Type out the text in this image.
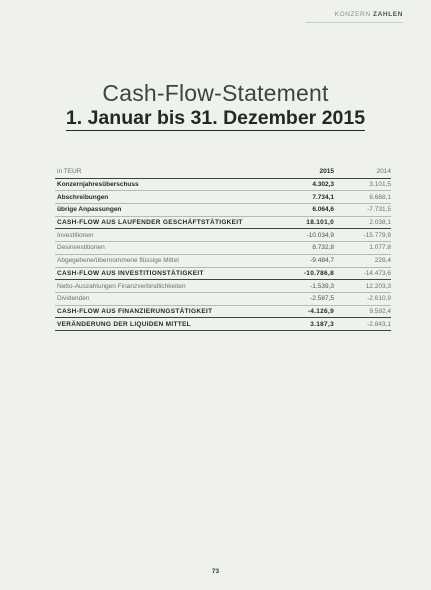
KONZERN ZAHLEN
Cash-Flow-Statement
1. Januar bis 31. Dezember 2015
in TEUR	2015	2014
Konzernjahresüberschuss	4.302,3	3.101,5
Abschreibungen	7.734,1	6.668,1
übrige Anpassungen	6.064,6	-7.731,5
CASH-FLOW AUS LAUFENDER GESCHÄFTSTÄTIGKEIT	18.101,0	2.038,1
Investitionen	-10.034,9	-15.779,9
Desinvestitionen	8.732,8	1.077,8
Abgegebene/übernommene flüssige Mittel	-9.484,7	228,4
CASH-FLOW AUS INVESTITIONSTÄTIGKEIT	-10.786,8	-14.473,6
Netto-Auszahlungen Finanzverbindlichkeiten	-1.539,3	12.203,3
Dividenden	-2.587,5	-2.610,9
CASH-FLOW AUS FINANZIERUNGSTÄTIGKEIT	-4.126,9	9.592,4
VERÄNDERUNG DER LIQUIDEN MITTEL	3.187,3	-2.843,1
73
